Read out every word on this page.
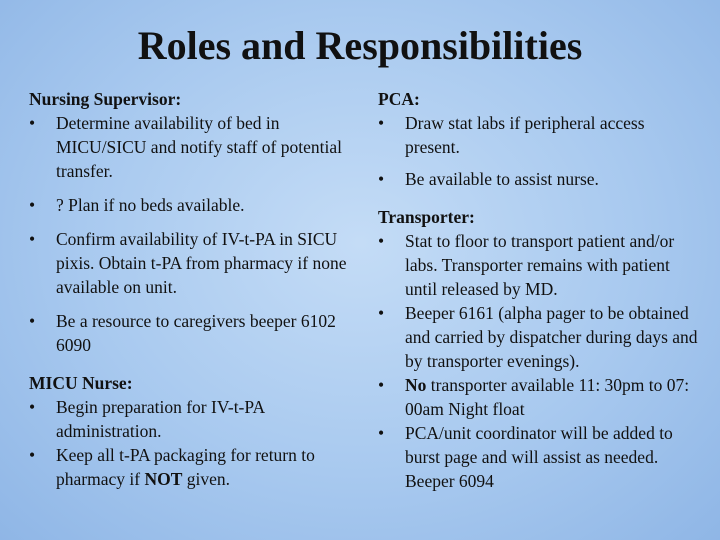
Roles and Responsibilities
Nursing Supervisor:
• Determine availability of bed in MICU/SICU and notify staff of potential transfer.
• ? Plan if no beds available.
• Confirm availability of IV-t-PA in SICU pixis. Obtain t-PA from pharmacy if none available on unit.
• Be a resource to caregivers beeper 6102 6090
MICU Nurse:
• Begin preparation for IV-t-PA administration.
• Keep all t-PA packaging for return to pharmacy if NOT given.
PCA:
• Draw stat labs if peripheral access present.
• Be available to assist nurse.
Transporter:
• Stat to floor to transport patient and/or labs. Transporter remains with patient until released by MD.
• Beeper 6161 (alpha pager to be obtained and carried by dispatcher during days and by transporter evenings).
• No transporter available 11: 30pm to 07: 00am Night float
• PCA/unit coordinator will be added to burst page and will assist as needed. Beeper 6094
